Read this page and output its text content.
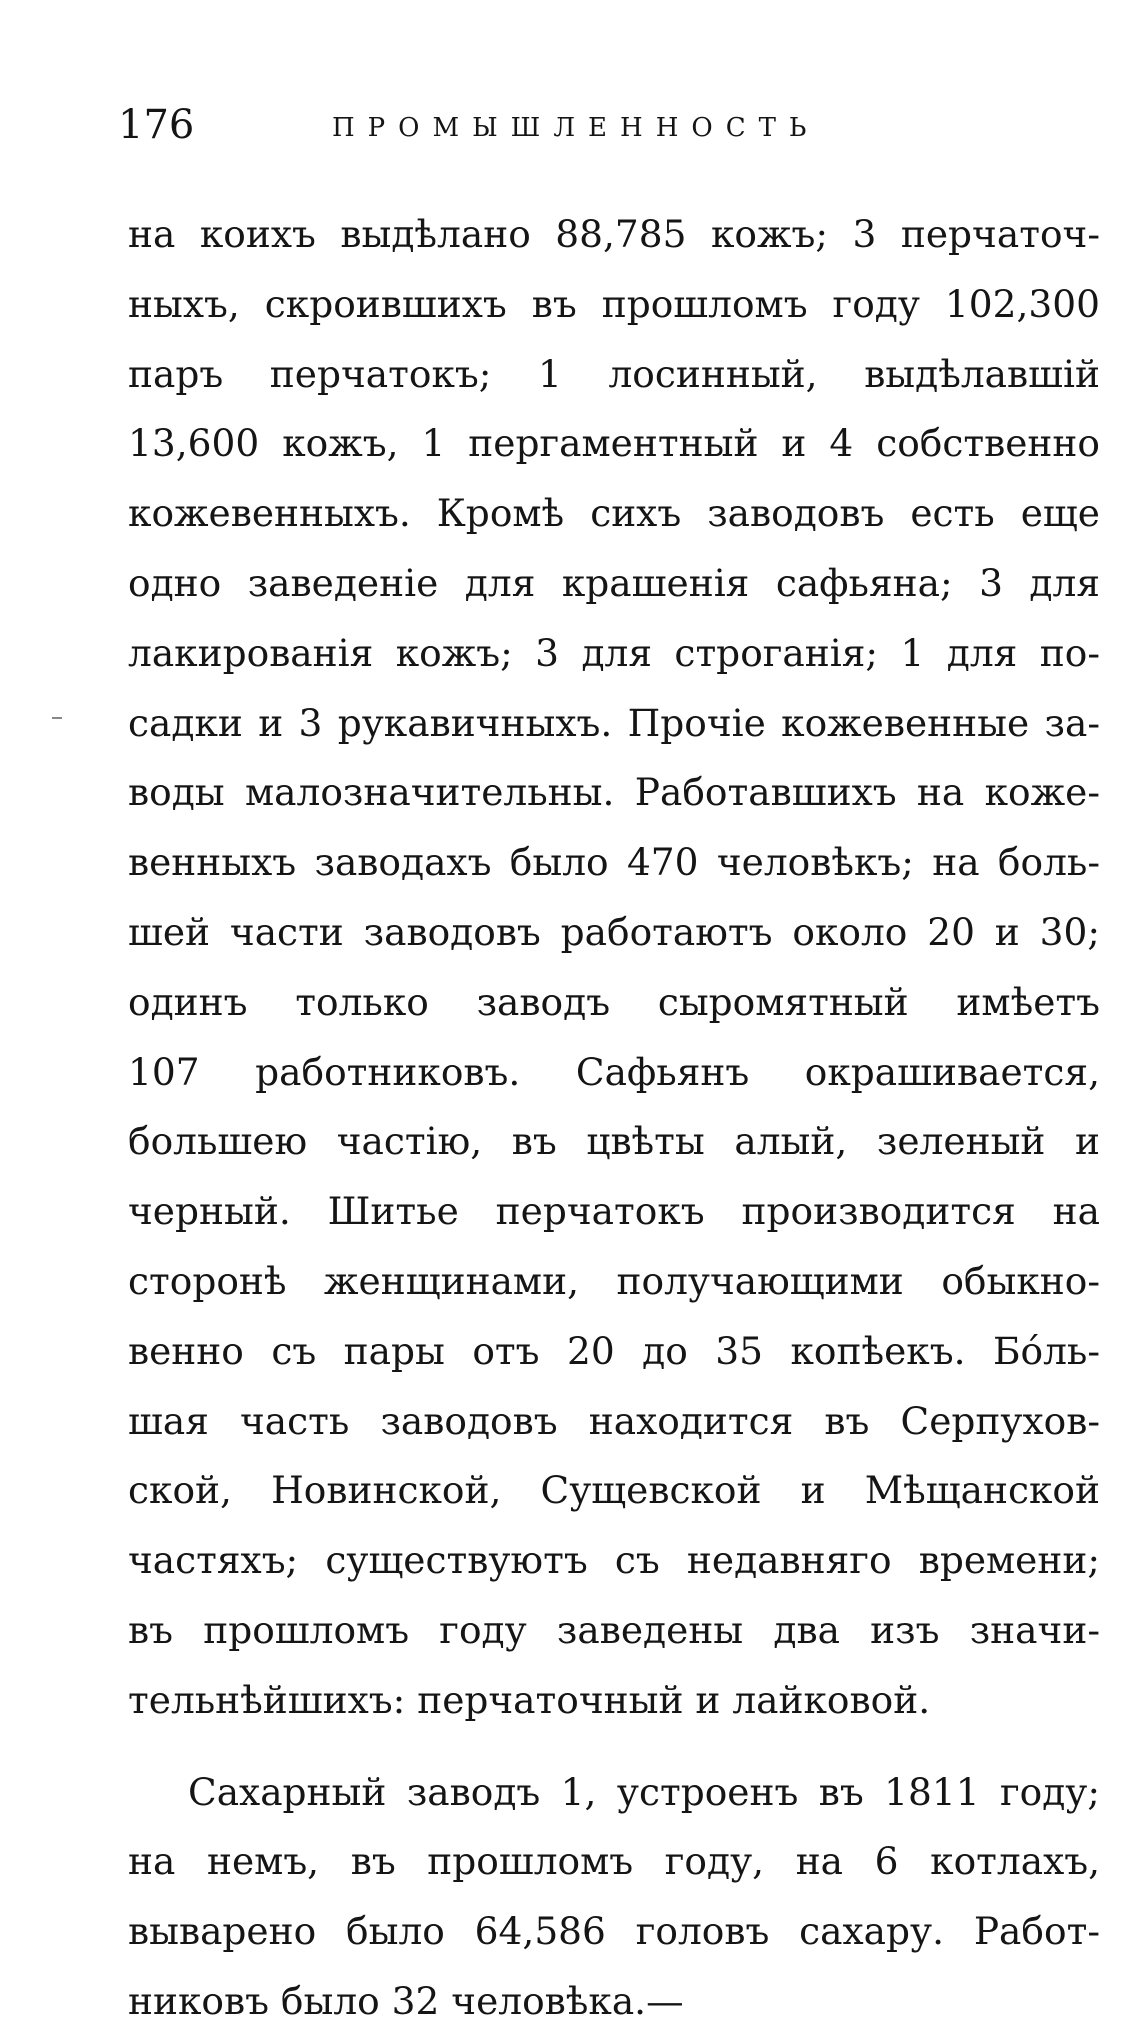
176	ПРОМЫШЛЕННОСТЬ
на коихъ выдѣлано 88,785 кожъ; 3 перчаточ-
ныхъ, скроившихъ въ прошломъ году 102,300
паръ перчатокъ; 1 лосинный, выдѣлавшій
13,600 кожъ, 1 пергаментный и 4 собственно
кожевенныхъ. Кромѣ сихъ заводовъ есть еще
одно заведеніе для крашенія сафьяна; 3 для
лакированія кожъ; 3 для строганія; 1 для по-
садки и 3 рукавичныхъ. Прочіе кожевенные за-
воды малозначительны. Работавшихъ на коже-
венныхъ заводахъ было 470 человѣкъ; на боль-
шей части заводовъ работаютъ около 20 и 30;
одинъ только заводъ сыромятный имѣетъ
107 работниковъ. Сафьянъ окрашивается,
большею частію, въ цвѣты алый, зеленый и
черный. Шитье перчатокъ производится на
сторонѣ женщинами, получающими обыкно-
венно съ пары отъ 20 до 35 копѣекъ. Бóль-
шая часть заводовъ находится въ Серпухов-
ской, Новинской, Сущевской и Мѣщанской
частяхъ; существуютъ съ недавняго времени;
въ прошломъ году заведены два изъ значи-
тельнѣйшихъ: перчаточный и лайковой.
Сахарный заводъ 1, устроенъ въ 1811 году;
на немъ, въ прошломъ году, на 6 котлахъ,
выварено было 64,586 головъ сахару. Работ-
никовъ было 32 человѣка.—
